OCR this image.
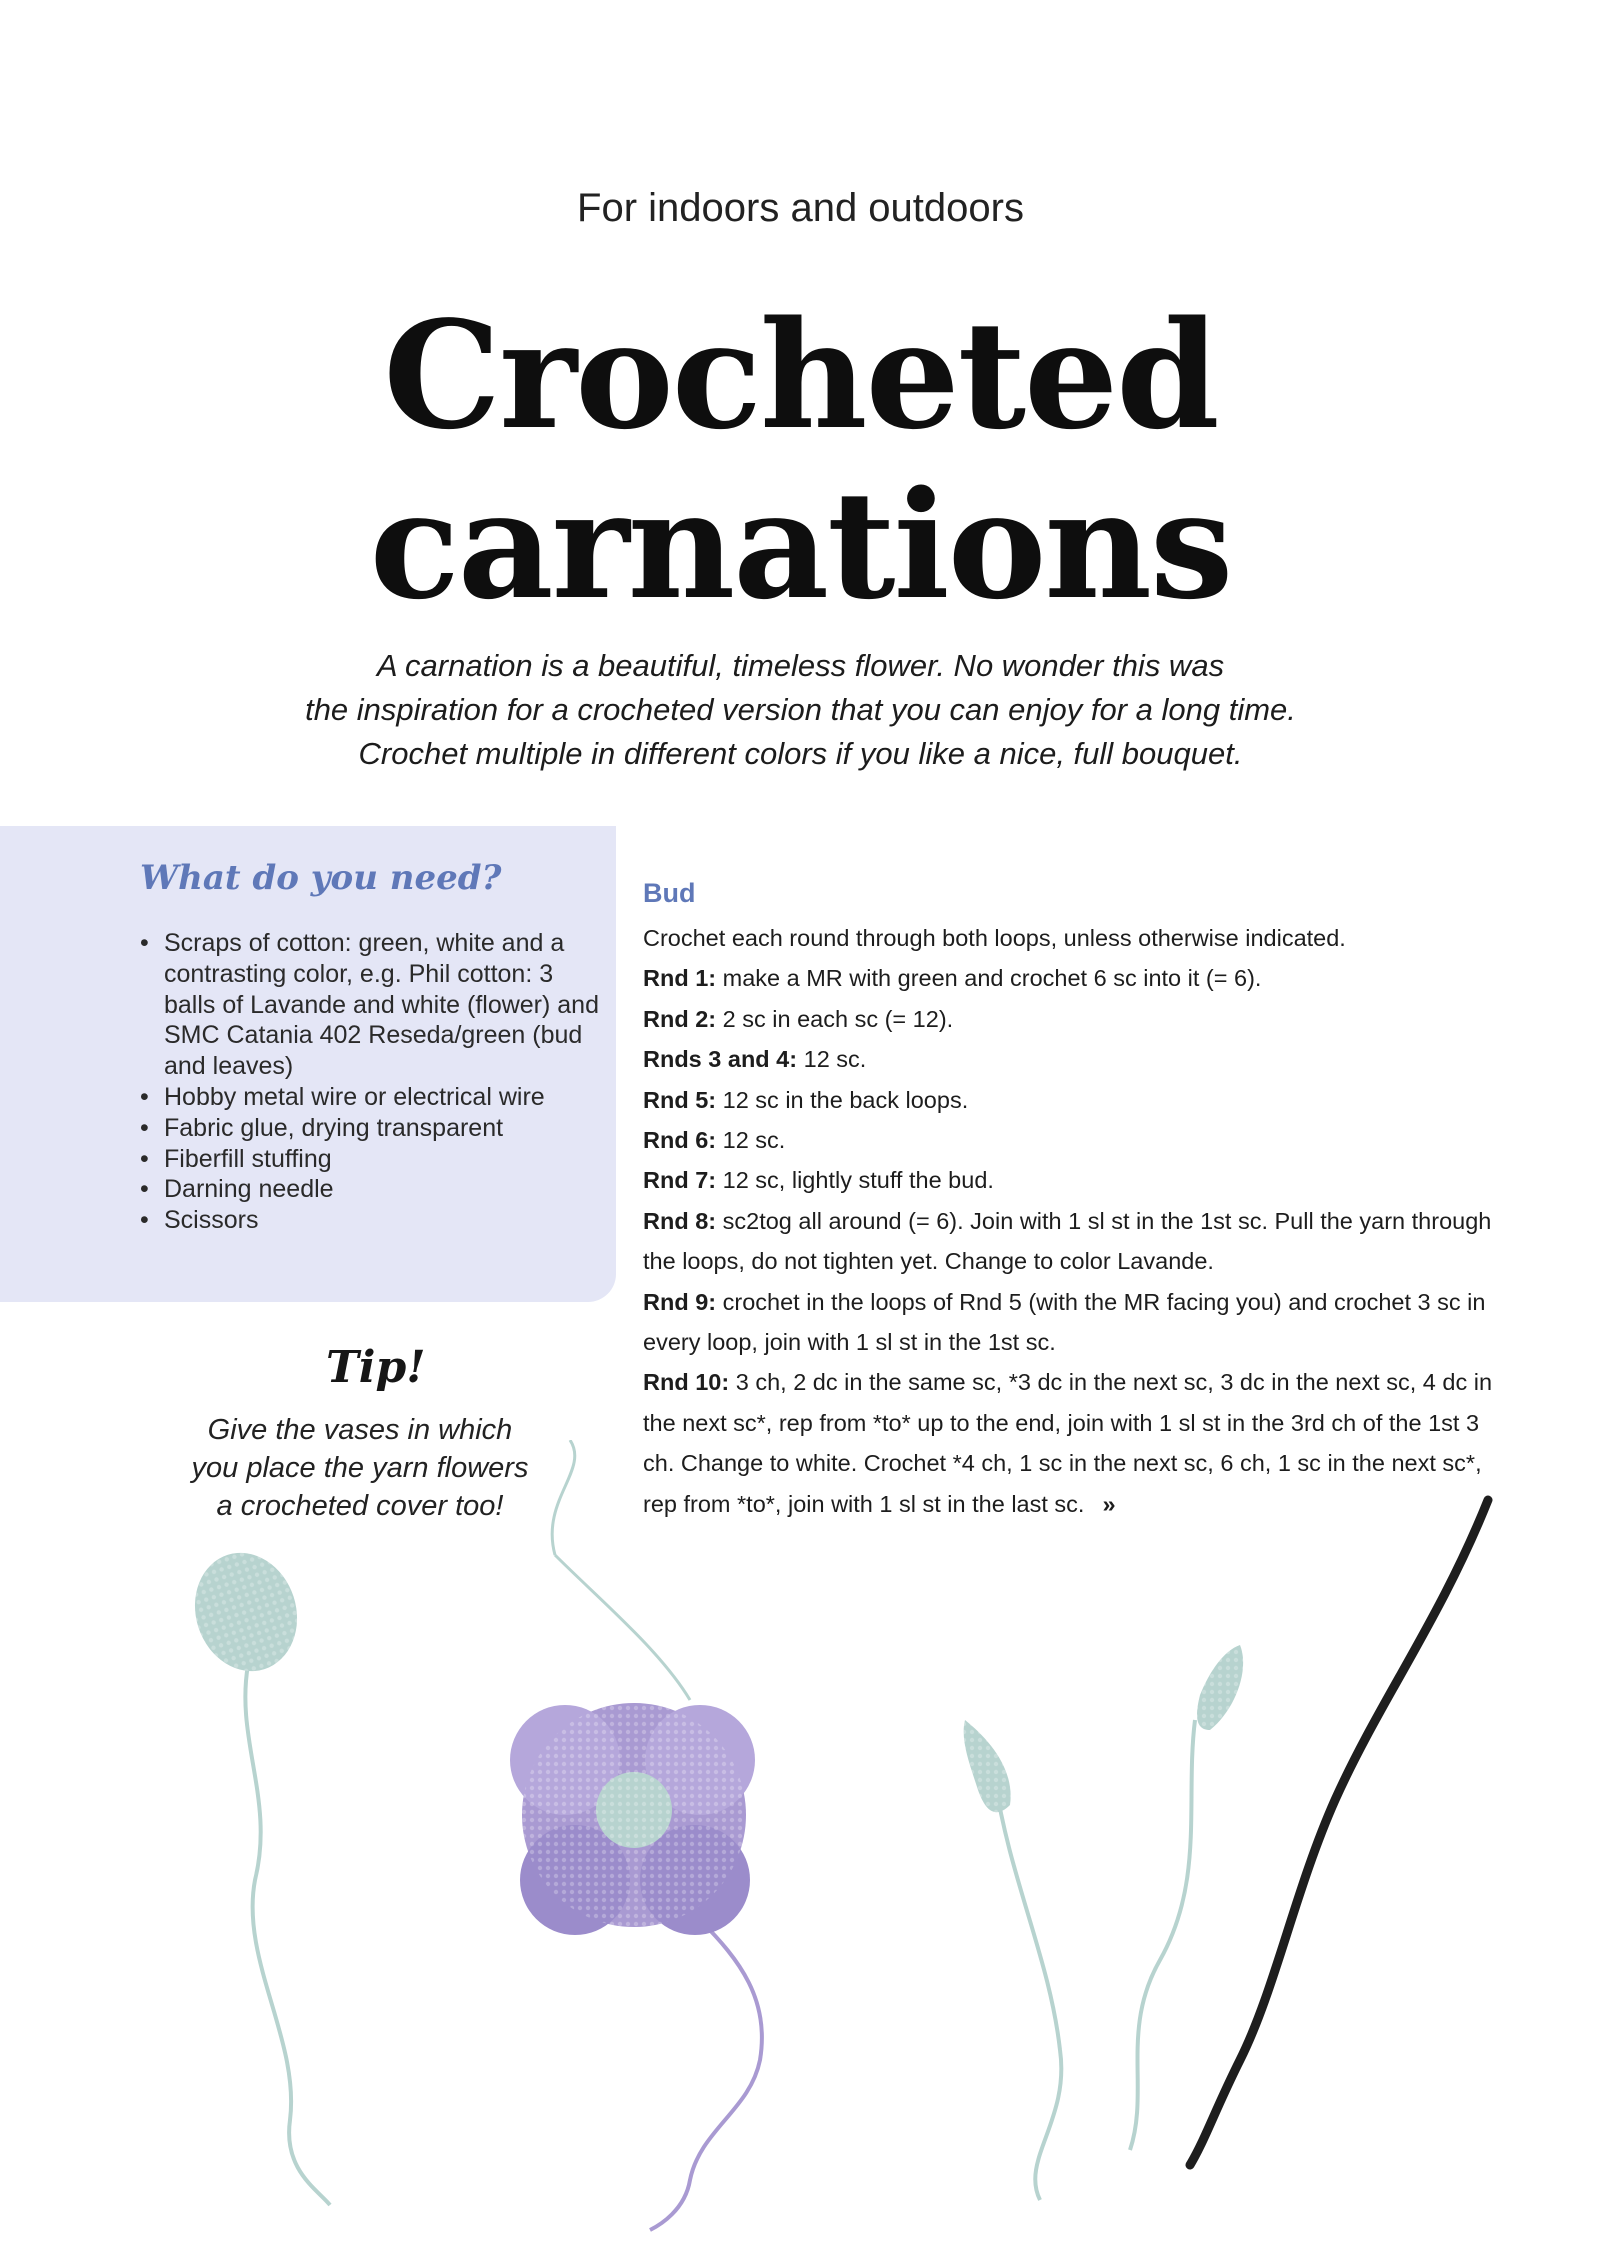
For indoors and outdoors
Crocheted
carnations
A carnation is a beautiful, timeless flower. No wonder this was
the inspiration for a crocheted version that you can enjoy for a long time.
Crochet multiple in different colors if you like a nice, full bouquet.
What do you need?
• Scraps of cotton: green, white and a contrasting color, e.g. Phil cotton: 3 balls of Lavande and white (flower) and SMC Catania 402 Reseda/green (bud and leaves)
• Hobby metal wire or electrical wire
• Fabric glue, drying transparent
• Fiberfill stuffing
• Darning needle
• Scissors
Tip!
Give the vases in which
you place the yarn flowers
a crocheted cover too!
Bud

Crochet each round through both loops, unless otherwise indicated.

Rnd 1: make a MR with green and crochet 6 sc into it (= 6).

Rnd 2: 2 sc in each sc (= 12).

Rnds 3 and 4: 12 sc.

Rnd 5: 12 sc in the back loops.

Rnd 6: 12 sc.

Rnd 7: 12 sc, lightly stuff the bud.

Rnd 8: sc2tog all around (= 6). Join with 1 sl st in the 1st sc. Pull the yarn through the loops, do not tighten yet. Change to color Lavande.

Rnd 9: crochet in the loops of Rnd 5 (with the MR facing you) and crochet 3 sc in every loop, join with 1 sl st in the 1st sc.

Rnd 10: 3 ch, 2 dc in the same sc, *3 dc in the next sc, 3 dc in the next sc, 4 dc in the next sc*, rep from *to* up to the end, join with 1 sl st in the 3rd ch of the 1st 3 ch. Change to white. Crochet *4 ch, 1 sc in the next sc, 6 ch, 1 sc in the next sc*, rep from *to*, join with 1 sl st in the last sc. »
